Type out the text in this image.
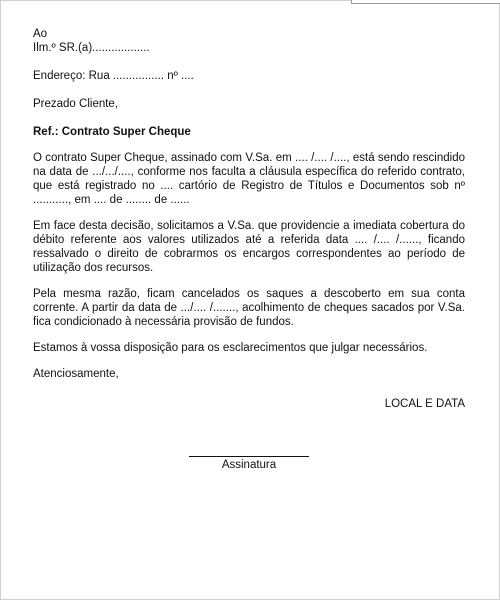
Ao

Ilm.º SR.(a)..................

Endereço: Rua ................ nº ....

Prezado Cliente,

Ref.: Contrato Super Cheque

O contrato Super Cheque, assinado com V.Sa. em .... /.... /...., está sendo rescindido na data de .../.../...., conforme nos faculta a cláusula específica do referido contrato, que está registrado no .... cartório de Registro de Títulos e Documentos sob nº ..........., em .... de ........ de ......

Em face desta decisão, solicitamos a V.Sa. que providencie a imediata cobertura do débito referente aos valores utilizados até a referida data .... /.... /......, ficando ressalvado o direito de cobrarmos os encargos correspondentes ao período de utilização dos recursos.

Pela mesma razão, ficam cancelados os saques a descoberto em sua conta corrente. A partir da data de .../.... /......., acolhimento de cheques sacados por V.Sa. fica condicionado à necessária provisão de fundos.

Estamos à vossa disposição para os esclarecimentos que julgar necessários.

Atenciosamente,

LOCAL E DATA

Assinatura
